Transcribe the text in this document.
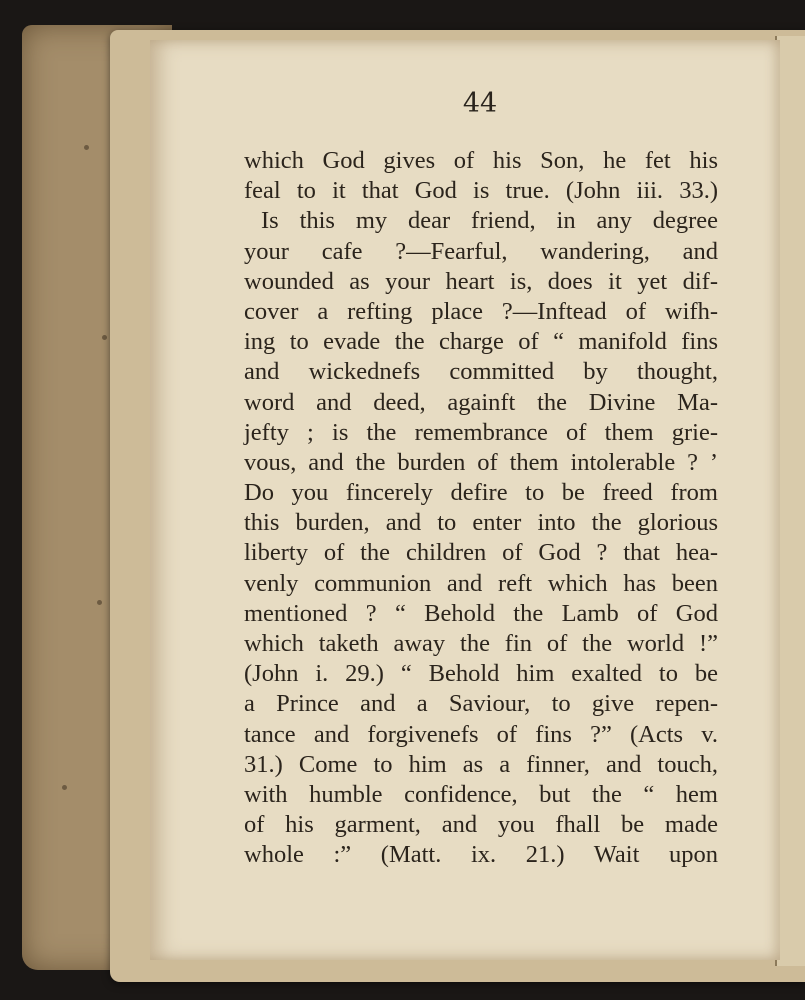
44
which God gives of his Son, he fet his
feal to it that God is true. (John iii. 33.)
Is this my dear friend, in any degree
your cafe ?—Fearful, wandering, and
wounded as your heart is, does it yet dif-
cover a refting place ?—Inftead of wifh-
ing to evade the charge of “ manifold fins
and wickednefs committed by thought,
word and deed, againft the Divine Ma-
jefty ; is the remembrance of them grie-
vous, and the burden of them intolerable ? ’
Do you fincerely defire to be freed from
this burden, and to enter into the glorious
liberty of the children of God ? that hea-
venly communion and reft which has been
mentioned ? “ Behold the Lamb of God
which taketh away the fin of the world !”
(John i. 29.) “ Behold him exalted to be
a Prince and a Saviour, to give repen-
tance and forgivenefs of fins ?” (Acts v.
31.) Come to him as a finner, and touch,
with humble confidence, but the “ hem
of his garment, and you fhall be made
whole :” (Matt. ix. 21.) Wait upon
